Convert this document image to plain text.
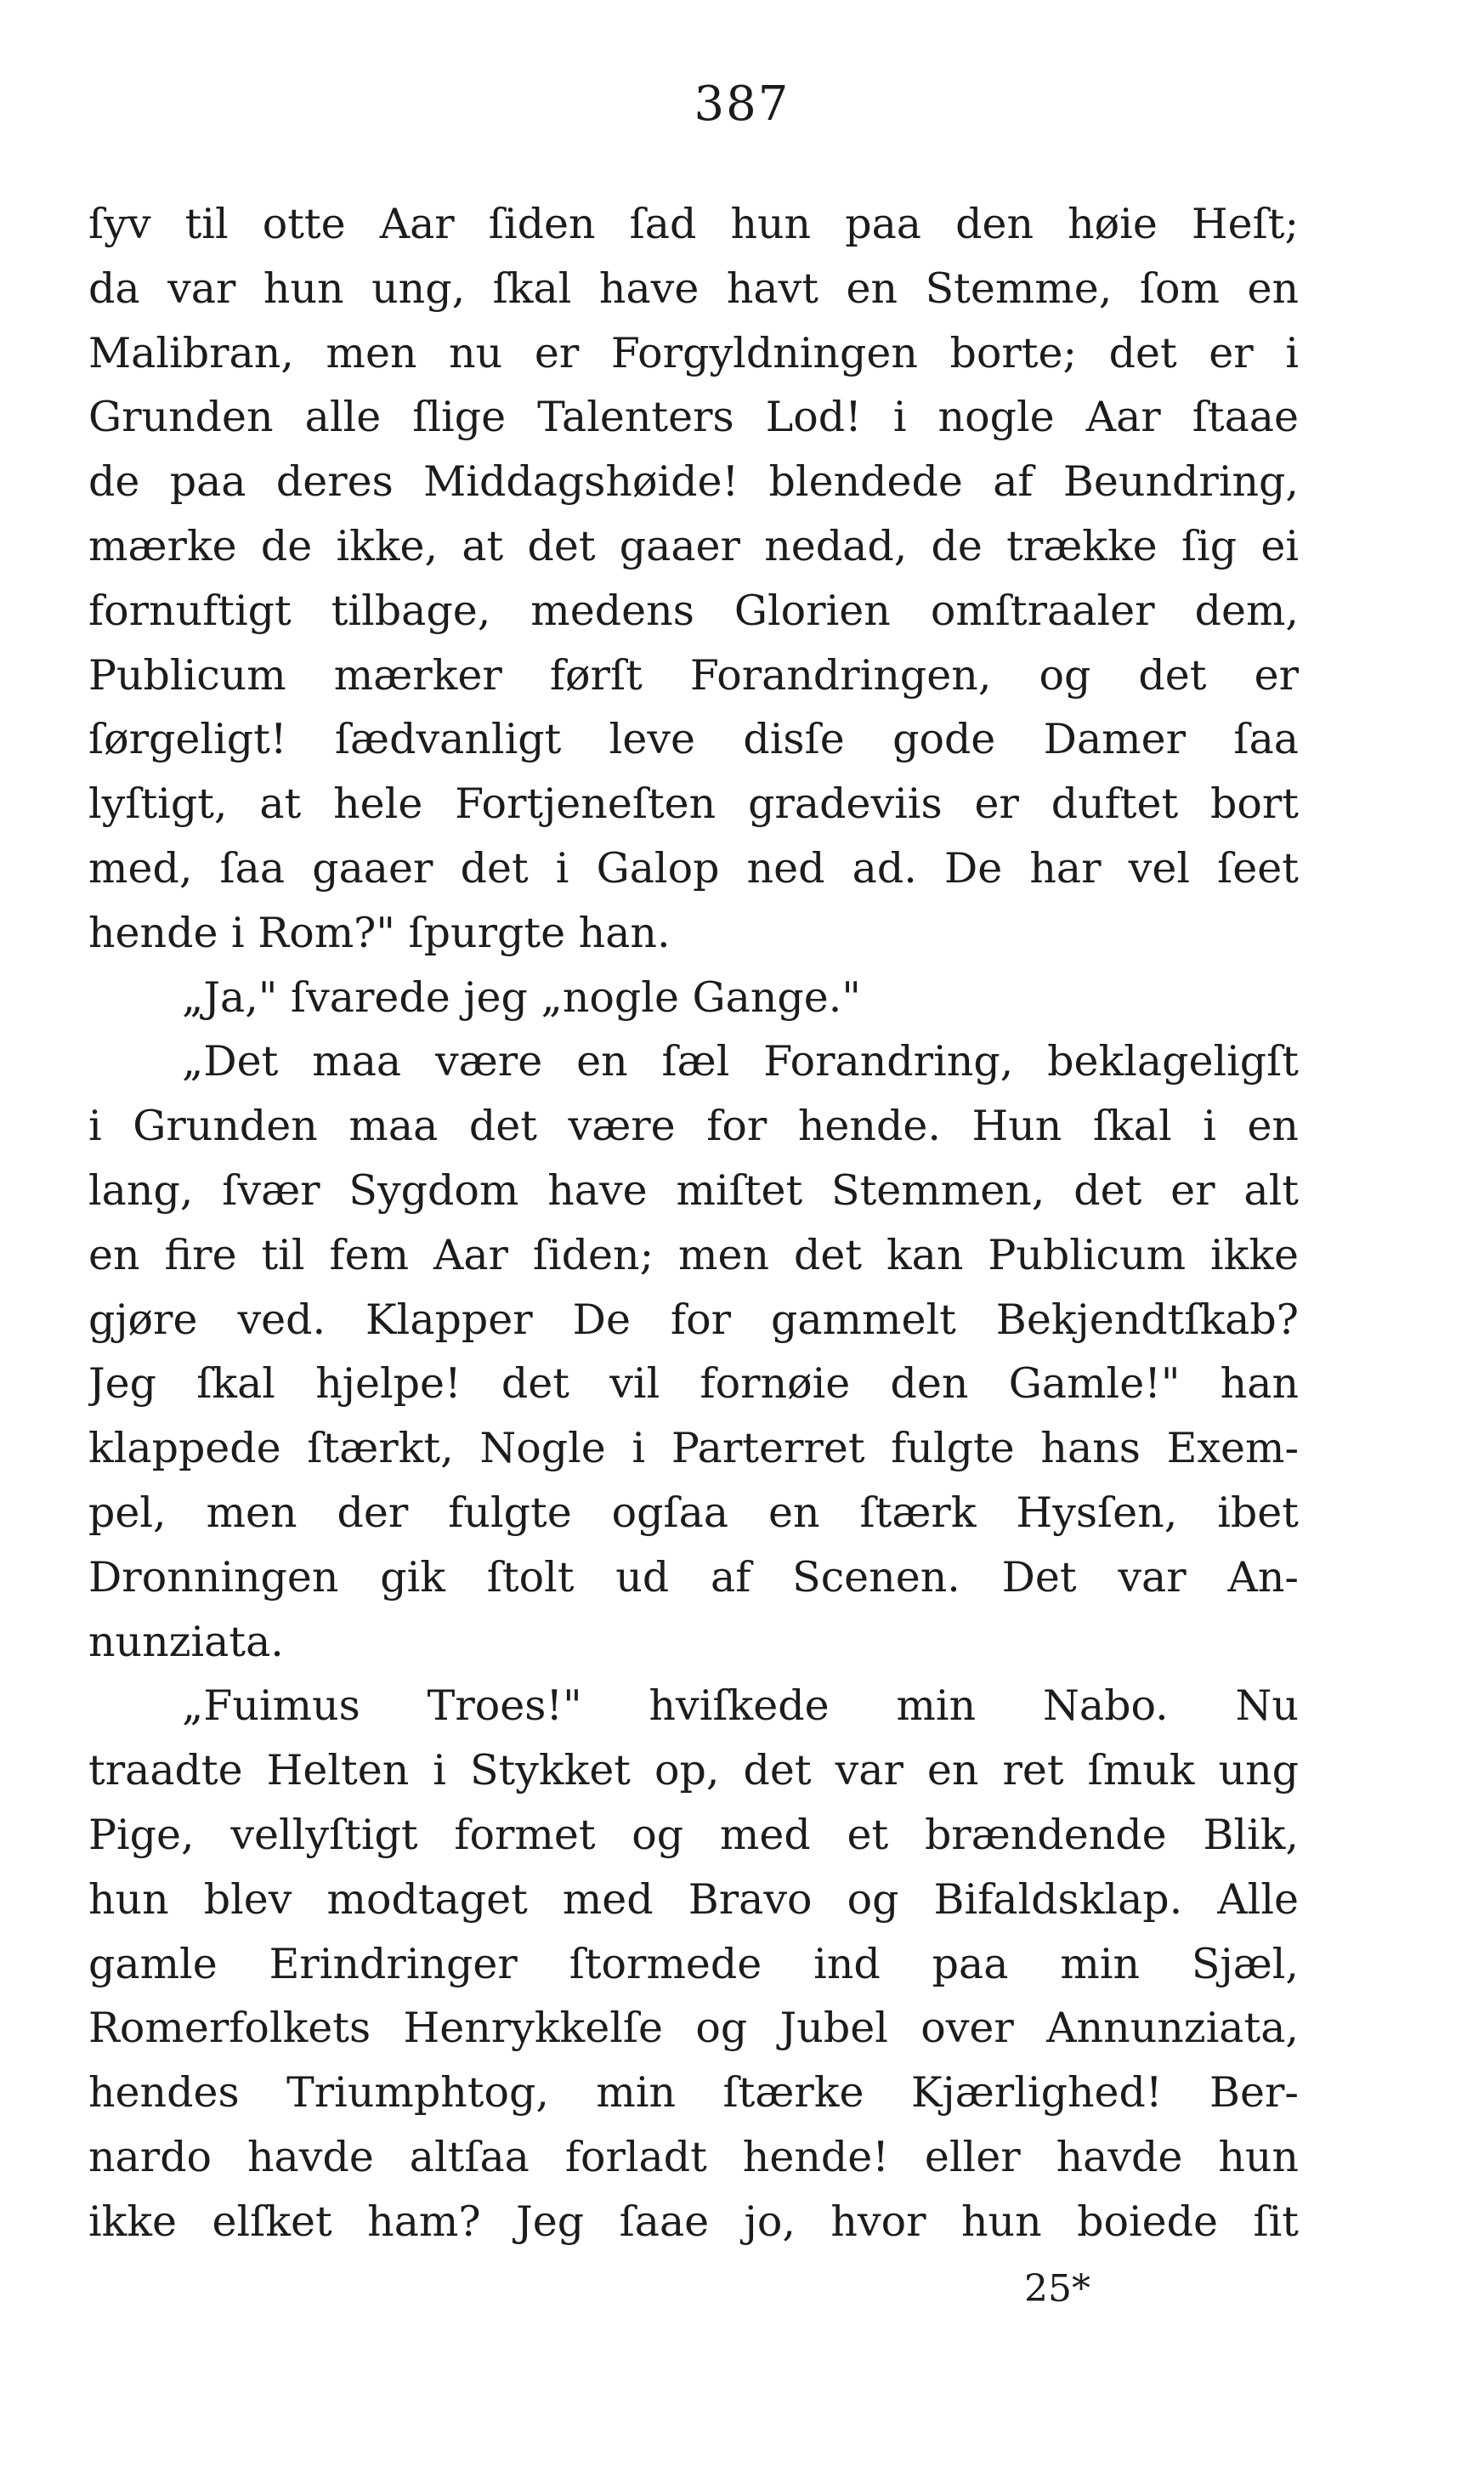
387
ſyv til otte Aar ſiden ſad hun paa den høie Heſt;
da var hun ung, ſkal have havt en Stemme, ſom en
Malibran, men nu er Forgyldningen borte; det er i
Grunden alle ſlige Talenters Lod! i nogle Aar ſtaae
de paa deres Middagshøide! blendede af Beundring,
mærke de ikke, at det gaaer nedad, de trække ſig ei
fornuftigt tilbage, medens Glorien omſtraaler dem,
Publicum mærker førſt Forandringen, og det er
ſørgeligt! ſædvanligt leve disſe gode Damer ſaa
lyſtigt, at hele Fortjeneſten gradeviis er duftet bort
med, ſaa gaaer det i Galop ned ad. De har vel ſeet
hende i Rom?" ſpurgte han.
„Ja," ſvarede jeg „nogle Gange."
„Det maa være en ſæl Forandring, beklageligſt
i Grunden maa det være for hende. Hun ſkal i en
lang, ſvær Sygdom have miſtet Stemmen, det er alt
en fire til fem Aar ſiden; men det kan Publicum ikke
gjøre ved. Klapper De for gammelt Bekjendtſkab?
Jeg ſkal hjelpe! det vil fornøie den Gamle!" han
klappede ſtærkt, Nogle i Parterret fulgte hans Exem-
pel, men der fulgte ogſaa en ſtærk Hysſen, ibet
Dronningen gik ſtolt ud af Scenen. Det var An-
nunziata.
„Fuimus Troes!" hviſkede min Nabo. Nu
traadte Helten i Stykket op, det var en ret ſmuk ung
Pige, vellyſtigt formet og med et brændende Blik,
hun blev modtaget med Bravo og Bifaldsklap. Alle
gamle Erindringer ſtormede ind paa min Sjæl,
Romerfolkets Henrykkelſe og Jubel over Annunziata,
hendes Triumphtog, min ſtærke Kjærlighed! Ber-
nardo havde altſaa forladt hende! eller havde hun
ikke elſket ham? Jeg ſaae jo, hvor hun boiede ſit
25*
